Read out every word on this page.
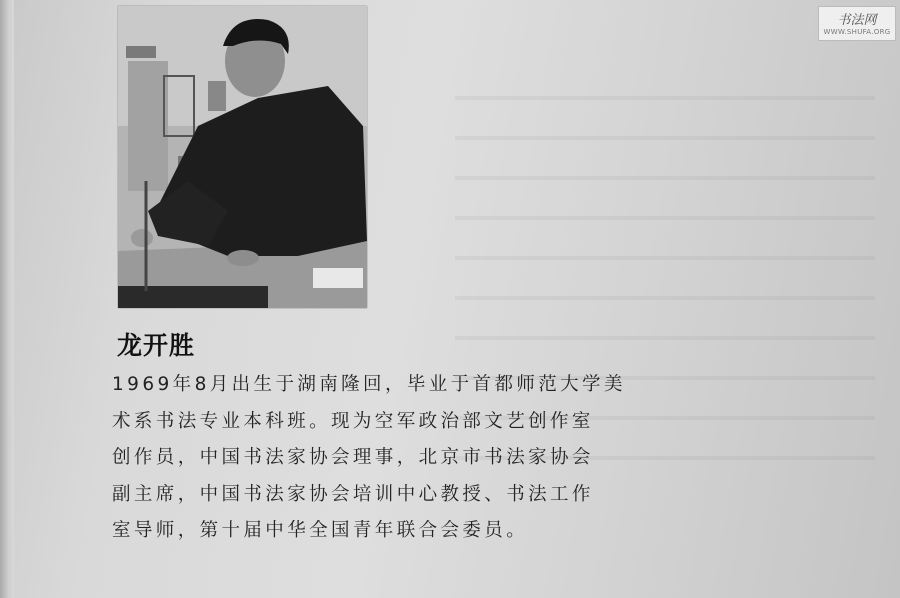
龙开胜
1969年8月出生于湖南隆回，毕业于首都师范大学美
术系书法专业本科班。现为空军政治部文艺创作室
创作员，中国书法家协会理事，北京市书法家协会
副主席，中国书法家协会培训中心教授、书法工作
室导师，第十届中华全国青年联合会委员。
书法网
WWW.SHUFA.ORG
